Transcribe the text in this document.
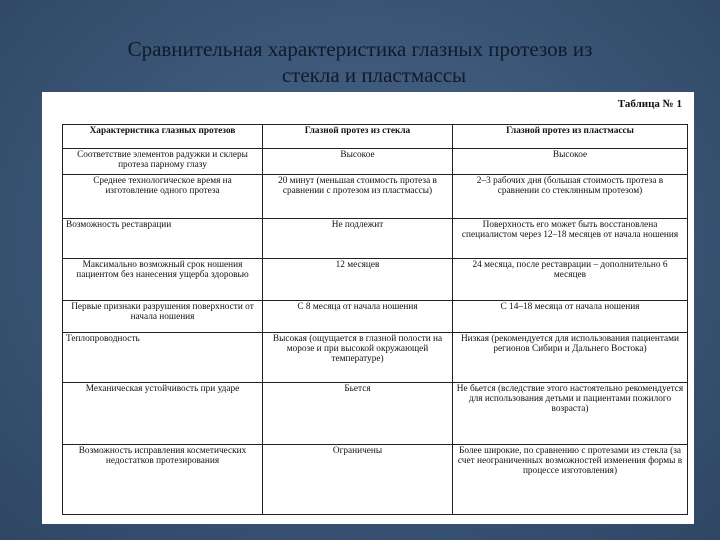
Сравнительная характеристика глазных протезов из
стекла и пластмассы
Таблица № 1
Характеристика глазных протезов	Глазной протез из стекла	Глазной протез из пластмассы
Соответствие элементов радужки и склеры протеза парному глазу	Высокое	Высокое
Среднее технологическое время на изготовление одного протеза	20 минут (меньшая стоимость протеза в сравнении с протезом из пластмассы)	2–3 рабочих дня (большая стоимость протеза в сравнении со стеклянным протезом)
Возможность реставрации	Не подлежит	Поверхность его может быть восстановлена специалистом через 12–18 месяцев от начала ношения
Максимально возможный срок ношения пациентом без нанесения ущерба здоровью	12 месяцев	24 месяца, после реставрации – дополнительно 6 месяцев
Первые признаки разрушения поверхности от начала ношения	С 8 месяца от начала ношения	С 14–18 месяца от начала ношения
Теплопроводность	Высокая (ощущается в глазной полости на морозе и при высокой окружающей температуре)	Низкая (рекомендуется для использования пациентами регионов Сибири и Дальнего Востока)
Механическая устойчивость при ударе	Бьется	Не бьется (вследствие этого настоятельно рекомендуется для использования детьми и пациентами пожилого возраста)
Возможность исправления косметических недостатков протезирования	Ограничены	Более широкие, по сравнению с протезами из стекла (за счет неограниченных возможностей изменения формы в процессе изготовления)
